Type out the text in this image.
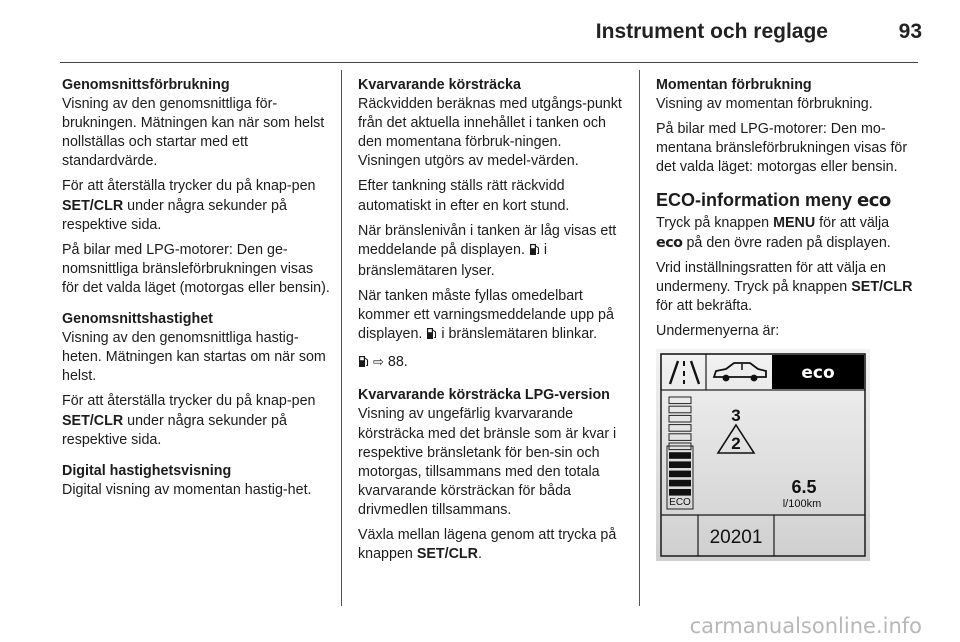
Instrument och reglage	93
Genomsnittsförbrukning

Visning av den genomsnittliga för-brukningen. Mätningen kan när som helst nollställas och startar med ett standardvärde.

För att återställa trycker du på knap-pen SET/CLR under några sekunder på respektive sida.

På bilar med LPG-motorer: Den ge-nomsnittliga bränsleförbrukningen visas för det valda läget (motorgas eller bensin).

Genomsnittshastighet

Visning av den genomsnittliga hastig-heten. Mätningen kan startas om när som helst.

För att återställa trycker du på knap-pen SET/CLR under några sekunder på respektive sida.

Digital hastighetsvisning

Digital visning av momentan hastig-het.

Kvarvarande körsträcka

Räckvidden beräknas med utgångs-punkt från det aktuella innehållet i tanken och den momentana förbruk-ningen. Visningen utgörs av medel-värden.

Efter tankning ställs rätt räckvidd automatiskt in efter en kort stund.

När bränslenivån i tanken är låg visas ett meddelande på displayen.  i bränslemätaren lyser.

När tanken måste fyllas omedelbart kommer ett varningsmeddelande upp på displayen.  i bränslemätaren blinkar.

⇨ 88.

Kvarvarande körsträcka LPG-version

Visning av ungefärlig kvarvarande körsträcka med det bränsle som är kvar i respektive bränsletank för ben-sin och motorgas, tillsammans med den totala kvarvarande körsträckan för båda drivmedlen tillsammans.

Växla mellan lägena genom att trycka på knappen SET/CLR.

Momentan förbrukning

Visning av momentan förbrukning.

På bilar med LPG-motorer: Den mo-mentana bränsleförbrukningen visas för det valda läget: motorgas eller bensin.

ECO-information meny eco

Tryck på knappen MENU för att välja eco på den övre raden på displayen.

Vrid inställningsratten för att välja en undermeny. Tryck på knappen SET/CLR för att bekräfta.

Undermenyerna är:

eco
ECO
3
2
6.5
l/100km
20201
carmanualsonline.info
